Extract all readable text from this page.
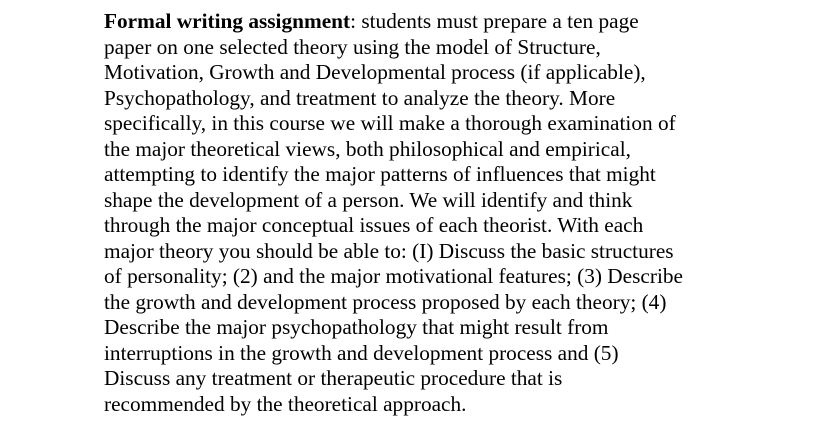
Formal writing assignment: students must prepare a ten page
paper on one selected theory using the model of Structure,
Motivation, Growth and Developmental process (if applicable),
Psychopathology, and treatment to analyze the theory. More
specifically, in this course we will make a thorough examination of
the major theoretical views, both philosophical and empirical,
attempting to identify the major patterns of influences that might
shape the development of a person. We will identify and think
through the major conceptual issues of each theorist. With each
major theory you should be able to: (I) Discuss the basic structures
of personality; (2) and the major motivational features; (3) Describe
the growth and development process proposed by each theory; (4)
Describe the major psychopathology that might result from
interruptions in the growth and development process and (5)
Discuss any treatment or therapeutic procedure that is
recommended by the theoretical approach.
